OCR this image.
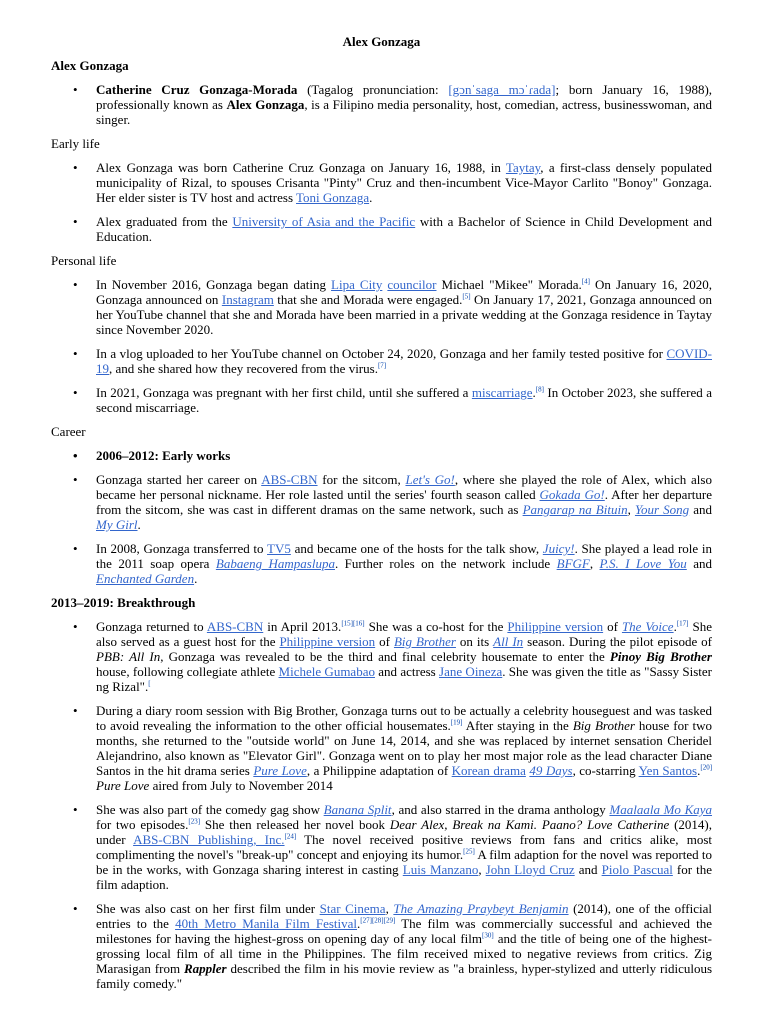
Alex Gonzaga
Alex Gonzaga
• Catherine Cruz Gonzaga-Morada (Tagalog pronunciation: [gɔnˈsaga mɔˈɾada]; born January 16, 1988), professionally known as Alex Gonzaga, is a Filipino media personality, host, comedian, actress, businesswoman, and singer.
Early life
• Alex Gonzaga was born Catherine Cruz Gonzaga on January 16, 1988, in Taytay, a first-class densely populated municipality of Rizal, to spouses Crisanta "Pinty" Cruz and then-incumbent Vice-Mayor Carlito "Bonoy" Gonzaga. Her elder sister is TV host and actress Toni Gonzaga.
• Alex graduated from the University of Asia and the Pacific with a Bachelor of Science in Child Development and Education.
Personal life
• In November 2016, Gonzaga began dating Lipa City councilor Michael "Mikee" Morada.[4] On January 16, 2020, Gonzaga announced on Instagram that she and Morada were engaged.[5] On January 17, 2021, Gonzaga announced on her YouTube channel that she and Morada have been married in a private wedding at the Gonzaga residence in Taytay since November 2020.
• In a vlog uploaded to her YouTube channel on October 24, 2020, Gonzaga and her family tested positive for COVID-19, and she shared how they recovered from the virus.[7]
• In 2021, Gonzaga was pregnant with her first child, until she suffered a miscarriage.[8] In October 2023, she suffered a second miscarriage.
Career
• 2006–2012: Early works
• Gonzaga started her career on ABS-CBN for the sitcom, Let's Go!, where she played the role of Alex, which also became her personal nickname. Her role lasted until the series' fourth season called Gokada Go!. After her departure from the sitcom, she was cast in different dramas on the same network, such as Pangarap na Bituin, Your Song and My Girl.
• In 2008, Gonzaga transferred to TV5 and became one of the hosts for the talk show, Juicy!. She played a lead role in the 2011 soap opera Babaeng Hampaslupa. Further roles on the network include BFGF, P.S. I Love You and Enchanted Garden.
2013–2019: Breakthrough
• Gonzaga returned to ABS-CBN in April 2013.[15][16] She was a co-host for the Philippine version of The Voice.[17] She also served as a guest host for the Philippine version of Big Brother on its All In season. During the pilot episode of PBB: All In, Gonzaga was revealed to be the third and final celebrity housemate to enter the Pinoy Big Brother house, following collegiate athlete Michele Gumabao and actress Jane Oineza. She was given the title as "Sassy Sister ng Rizal".[
• During a diary room session with Big Brother, Gonzaga turns out to be actually a celebrity houseguest and was tasked to avoid revealing the information to the other official housemates.[19] After staying in the Big Brother house for two months, she returned to the "outside world" on June 14, 2014, and she was replaced by internet sensation Cheridel Alejandrino, also known as "Elevator Girl". Gonzaga went on to play her most major role as the lead character Diane Santos in the hit drama series Pure Love, a Philippine adaptation of Korean drama 49 Days, co-starring Yen Santos.[20] Pure Love aired from July to November 2014
• She was also part of the comedy gag show Banana Split, and also starred in the drama anthology Maalaala Mo Kaya for two episodes.[23] She then released her novel book Dear Alex, Break na Kami. Paano? Love Catherine (2014), under ABS-CBN Publishing, Inc.[24] The novel received positive reviews from fans and critics alike, most complimenting the novel's "break-up" concept and enjoying its humor.[25] A film adaption for the novel was reported to be in the works, with Gonzaga sharing interest in casting Luis Manzano, John Lloyd Cruz and Piolo Pascual for the film adaption.
• She was also cast on her first film under Star Cinema, The Amazing Praybeyt Benjamin (2014), one of the official entries to the 40th Metro Manila Film Festival.[27][28][29] The film was commercially successful and achieved the milestones for having the highest-gross on opening day of any local film[30] and the title of being one of the highest-grossing local film of all time in the Philippines. The film received mixed to negative reviews from critics. Zig Marasigan from Rappler described the film in his movie review as "a brainless, hyper-stylized and utterly ridiculous family comedy."
